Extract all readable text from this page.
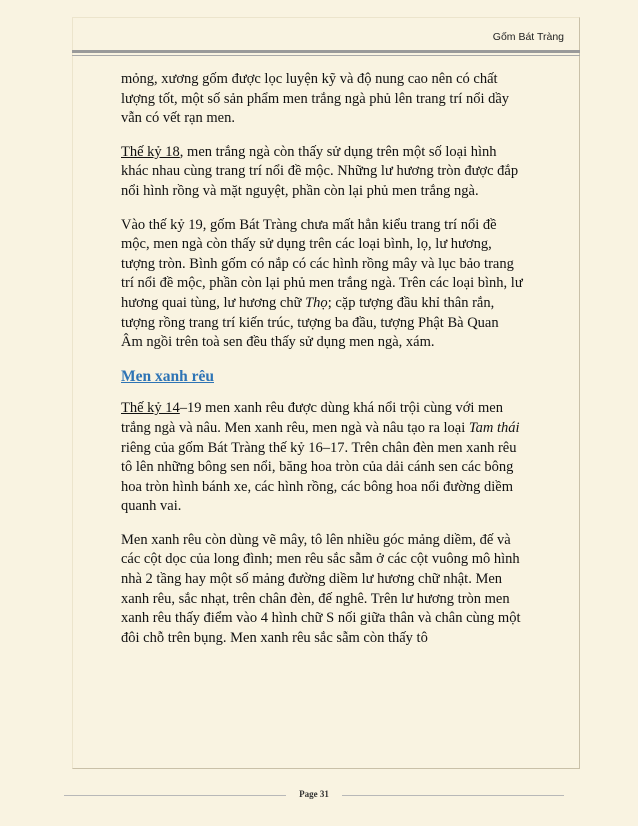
Gốm Bát Tràng

mỏng, xương gốm được lọc luyện kỹ và độ nung cao nên có chất lượng tốt, một số sản phẩm men trắng ngà phủ lên trang trí nổi dầy vẫn có vết rạn men.

Thế kỷ 18, men trắng ngà còn thấy sử dụng trên một số loại hình khác nhau cùng trang trí nổi đề mộc. Những lư hương tròn được đắp nổi hình rồng và mặt nguyệt, phần còn lại phủ men trắng ngà.

Vào thế kỷ 19, gốm Bát Tràng chưa mất hẳn kiểu trang trí nổi đề mộc, men ngà còn thấy sử dụng trên các loại bình, lọ, lư hương, tượng tròn. Bình gốm có nắp có các hình rồng mây và lục bảo trang trí nổi đề mộc, phần còn lại phủ men trắng ngà. Trên các loại bình, lư hương quai tùng, lư hương chữ Thọ; cặp tượng đầu khỉ thân rắn, tượng rồng trang trí kiến trúc, tượng ba đầu, tượng Phật Bà Quan Âm ngồi trên toà sen đều thấy sử dụng men ngà, xám.

Men xanh rêu

Thế kỷ 14–19 men xanh rêu được dùng khá nổi trội cùng với men trắng ngà và nâu. Men xanh rêu, men ngà và nâu tạo ra loại Tam thái riêng của gốm Bát Tràng thế kỷ 16–17. Trên chân đèn men xanh rêu tô lên những bông sen nổi, băng hoa tròn của dải cánh sen các bông hoa tròn hình bánh xe, các hình rồng, các bông hoa nổi đường diềm quanh vai.

Men xanh rêu còn dùng vẽ mây, tô lên nhiều góc mảng diềm, đế và các cột dọc của long đình; men rêu sắc sẫm ở các cột vuông mô hình nhà 2 tầng hay một số mảng đường diềm lư hương chữ nhật. Men xanh rêu, sắc nhạt, trên chân đèn, đế nghê. Trên lư hương tròn men xanh rêu thấy điểm vào 4 hình chữ S nối giữa thân và chân cùng một đôi chỗ trên bụng. Men xanh rêu sắc sẫm còn thấy tô

Page 31
